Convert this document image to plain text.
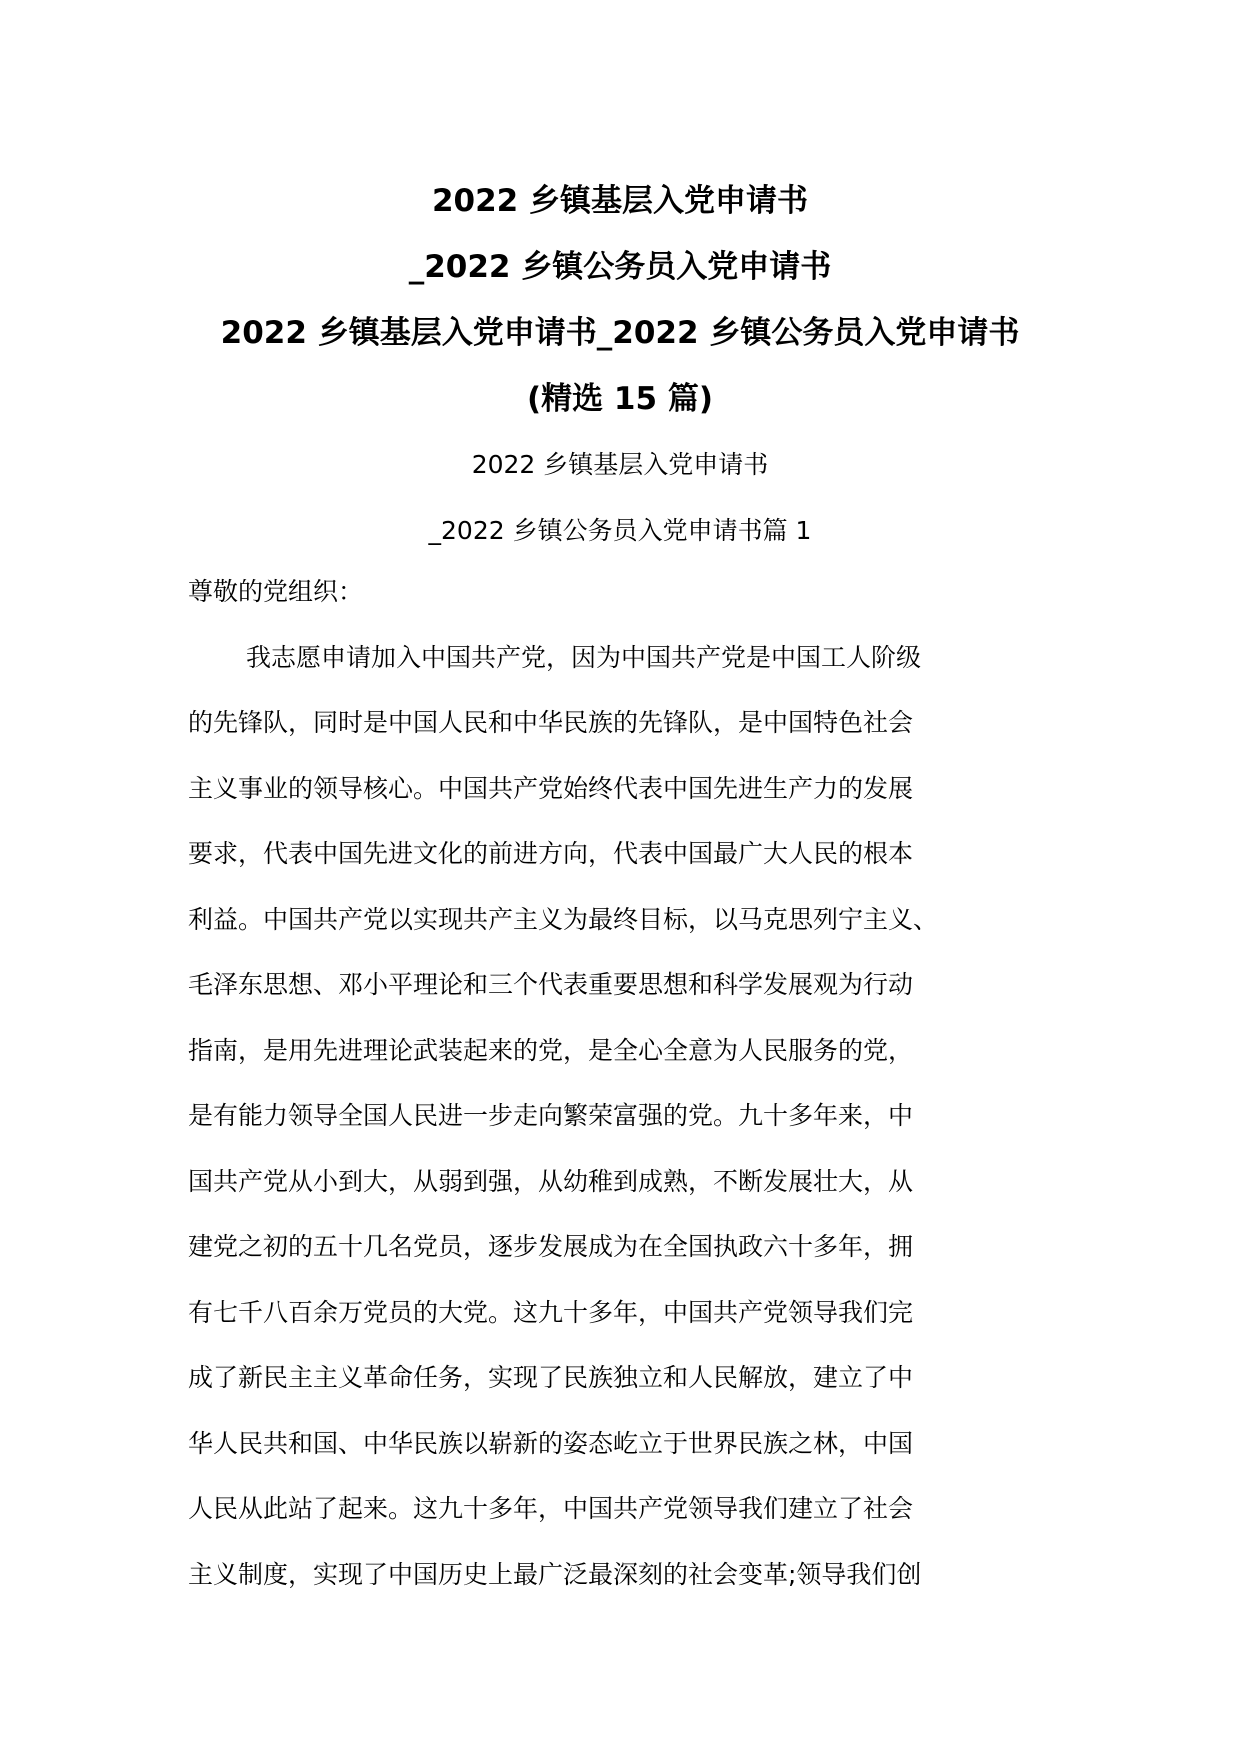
2022 乡镇基层入党申请书
_2022 乡镇公务员入党申请书
2022 乡镇基层入党申请书_2022 乡镇公务员入党申请书
(精选 15 篇)
2022 乡镇基层入党申请书
_2022 乡镇公务员入党申请书篇 1
尊敬的党组织：
我志愿申请加入中国共产党，因为中国共产党是中国工人阶级
的先锋队，同时是中国人民和中华民族的先锋队，是中国特色社会
主义事业的领导核心。中国共产党始终代表中国先进生产力的发展
要求，代表中国先进文化的前进方向，代表中国最广大人民的根本
利益。中国共产党以实现共产主义为最终目标，以马克思列宁主义、
毛泽东思想、邓小平理论和三个代表重要思想和科学发展观为行动
指南，是用先进理论武装起来的党，是全心全意为人民服务的党，
是有能力领导全国人民进一步走向繁荣富强的党。九十多年来，中
国共产党从小到大，从弱到强，从幼稚到成熟，不断发展壮大，从
建党之初的五十几名党员，逐步发展成为在全国执政六十多年，拥
有七千八百余万党员的大党。这九十多年，中国共产党领导我们完
成了新民主主义革命任务，实现了民族独立和人民解放，建立了中
华人民共和国、中华民族以崭新的姿态屹立于世界民族之林，中国
人民从此站了起来。这九十多年，中国共产党领导我们建立了社会
主义制度，实现了中国历史上最广泛最深刻的社会变革;领导我们创
